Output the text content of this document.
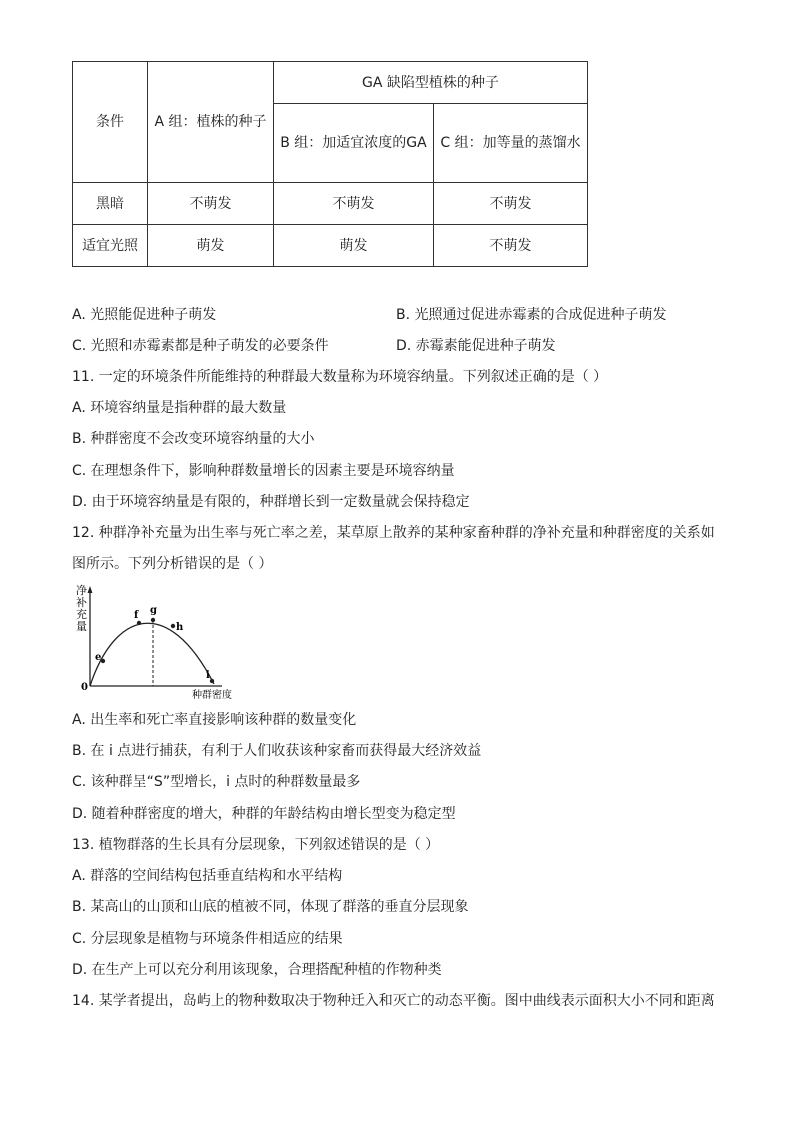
条件	A 组：植株的种子	GA 缺陷型植株的种子	
		B 组：加适宜浓度的GA	C 组：加等量的蒸馏水
黑暗	不萌发	不萌发	不萌发
适宜光照	萌发	萌发	不萌发
A. 光照能促进种子萌发	B. 光照通过促进赤霉素的合成促进种子萌发
C. 光照和赤霉素都是种子萌发的必要条件	D. 赤霉素能促进种子萌发
11. 一定的环境条件所能维持的种群最大数量称为环境容纳量。下列叙述正确的是（ ）
A. 环境容纳量是指种群的最大数量
B. 种群密度不会改变环境容纳量的大小
C. 在理想条件下，影响种群数量增长的因素主要是环境容纳量
D. 由于环境容纳量是有限的，种群增长到一定数量就会保持稳定
12. 种群净补充量为出生率与死亡率之差，某草原上散养的某种家畜种群的净补充量和种群密度的关系如
图所示。下列分析错误的是（ ）
净
补
充
量
0
种群密度
e
f g
h
i
A. 出生率和死亡率直接影响该种群的数量变化
B. 在 i 点进行捕获，有利于人们收获该种家畜而获得最大经济效益
C. 该种群呈“S”型增长，i 点时的种群数量最多
D. 随着种群密度的增大，种群的年龄结构由增长型变为稳定型
13. 植物群落的生长具有分层现象，下列叙述错误的是（ ）
A. 群落的空间结构包括垂直结构和水平结构
B. 某高山的山顶和山底的植被不同，体现了群落的垂直分层现象
C. 分层现象是植物与环境条件相适应的结果
D. 在生产上可以充分利用该现象，合理搭配种植的作物种类
14. 某学者提出，岛屿上的物种数取决于物种迁入和灭亡的动态平衡。图中曲线表示面积大小不同和距离
